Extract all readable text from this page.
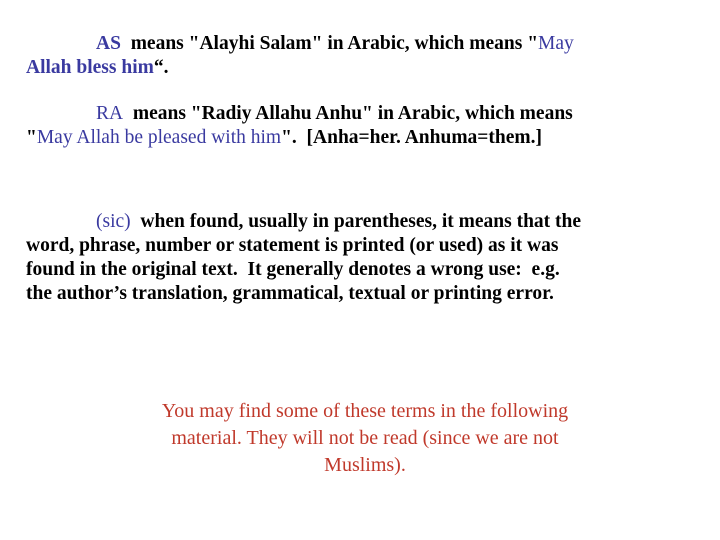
AS  means "Alayhi Salam" in Arabic, which means "May
Allah bless him“.

RA  means "Radiy Allahu Anhu" in Arabic, which means
"May Allah be pleased with him".  [Anha=her. Anhuma=them.]

(sic)  when found, usually in parentheses, it means that the
word, phrase, number or statement is printed (or used) as it was
found in the original text.  It generally denotes a wrong use:  e.g.
the author’s translation, grammatical, textual or printing error.

You may find some of these terms in the following
material. They will not be read (since we are not
Muslims).
